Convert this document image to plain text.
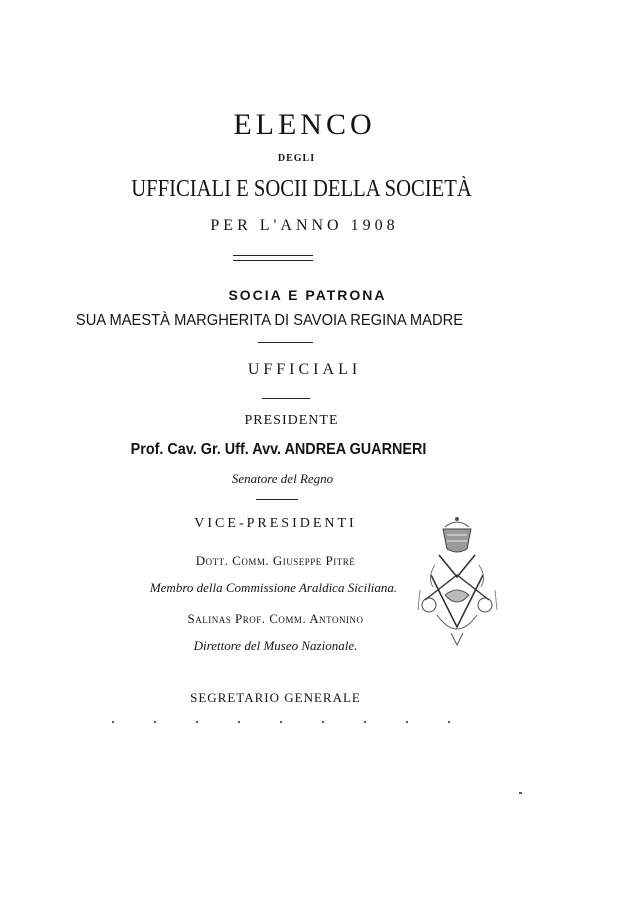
ELENCO
DEGLI
UFFICIALI E SOCII DELLA SOCIETÀ
PER L'ANNO 1908
SOCIA E PATRONA
SUA MAESTÀ MARGHERITA DI SAVOIA REGINA MADRE
UFFICIALI
PRESIDENTE
Prof. Cav. Gr. Uff. Avv. ANDREA GUARNERI
Senatore del Regno
VICE-PRESIDENTI
Dott. Comm. Giuseppe Pitrè
Membro della Commissione Araldica Siciliana.
Salinas Prof. Comm. Antonino
Direttore del Museo Nazionale.
SEGRETARIO GENERALE
. . . . . . . . .
